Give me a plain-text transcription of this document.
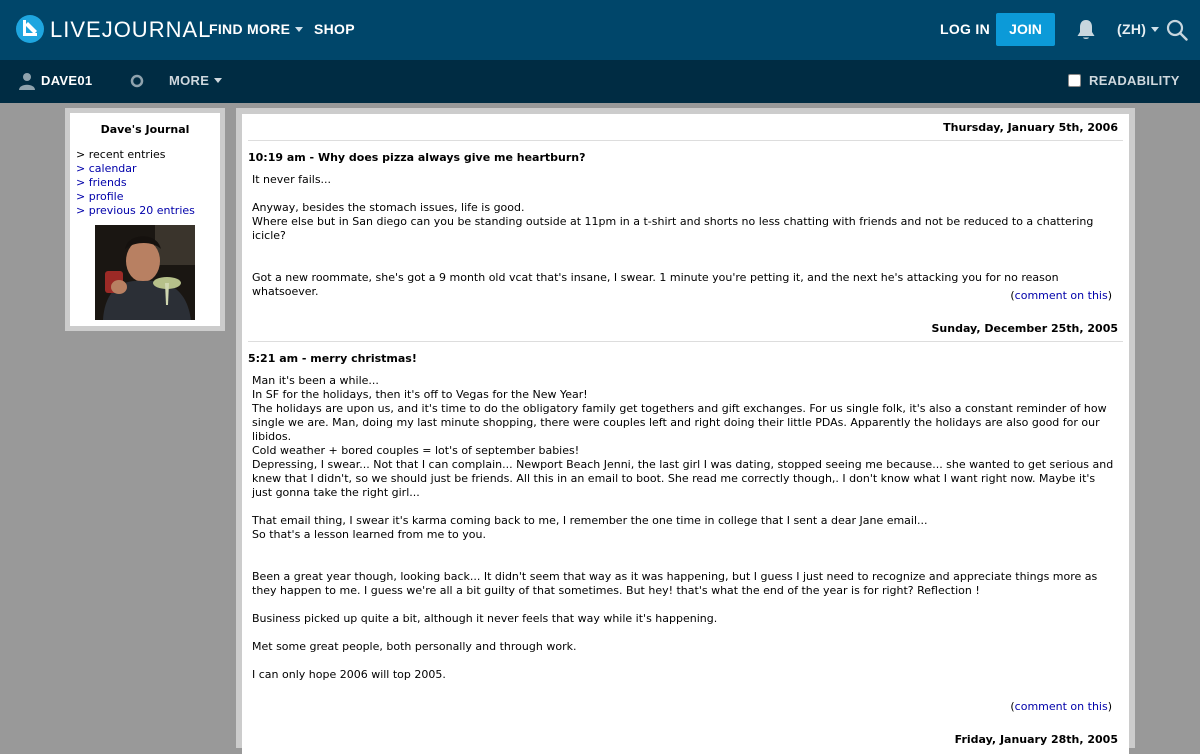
LIVEJOURNAL
FIND MORE	SHOP	LOG IN	JOIN	(ZH)
DAVE01	MORE	READABILITY
Dave's Journal
> recent entries
> calendar
> friends
> profile
> previous 20 entries
Thursday, January 5th, 2006
10:19 am - Why does pizza always give me heartburn?

It never fails...

Anyway, besides the stomach issues, life is good.

Where else but in San diego can you be standing outside at 11pm in a t-shirt and shorts no less chatting with friends and not be reduced to a chattering icicle?

Got a new roommate, she's got a 9 month old vcat that's insane, I swear. 1 minute you're petting it, and the next he's attacking you for no reason whatsoever.	(comment on this)
Sunday, December 25th, 2005
5:21 am - merry christmas!

Man it's been a while...

In SF for the holidays, then it's off to Vegas for the New Year!

The holidays are upon us, and it's time to do the obligatory family get togethers and gift exchanges. For us single folk, it's also a constant reminder of how single we are. Man, doing my last minute shopping, there were couples left and right doing their little PDAs. Apparently the holidays are also good for our libidos.

Cold weather + bored couples = lot's of september babies!

Depressing, I swear... Not that I can complain... Newport Beach Jenni, the last girl I was dating, stopped seeing me because... she wanted to get serious and knew that I didn't, so we should just be friends. All this in an email to boot. She read me correctly though,. I don't know what I want right now. Maybe it's just gonna take the right girl...

That email thing, I swear it's karma coming back to me, I remember the one time in college that I sent a dear Jane email...

So that's a lesson learned from me to you.

Been a great year though, looking back... It didn't seem that way as it was happening, but I guess I just need to recognize and appreciate things more as they happen to me. I guess we're all a bit guilty of that sometimes. But hey! that's what the end of the year is for right? Reflection !

Business picked up quite a bit, although it never feels that way while it's happening.

Met some great people, both personally and through work.

I can only hope 2006 will top 2005.

(comment on this)
Friday, January 28th, 2005
